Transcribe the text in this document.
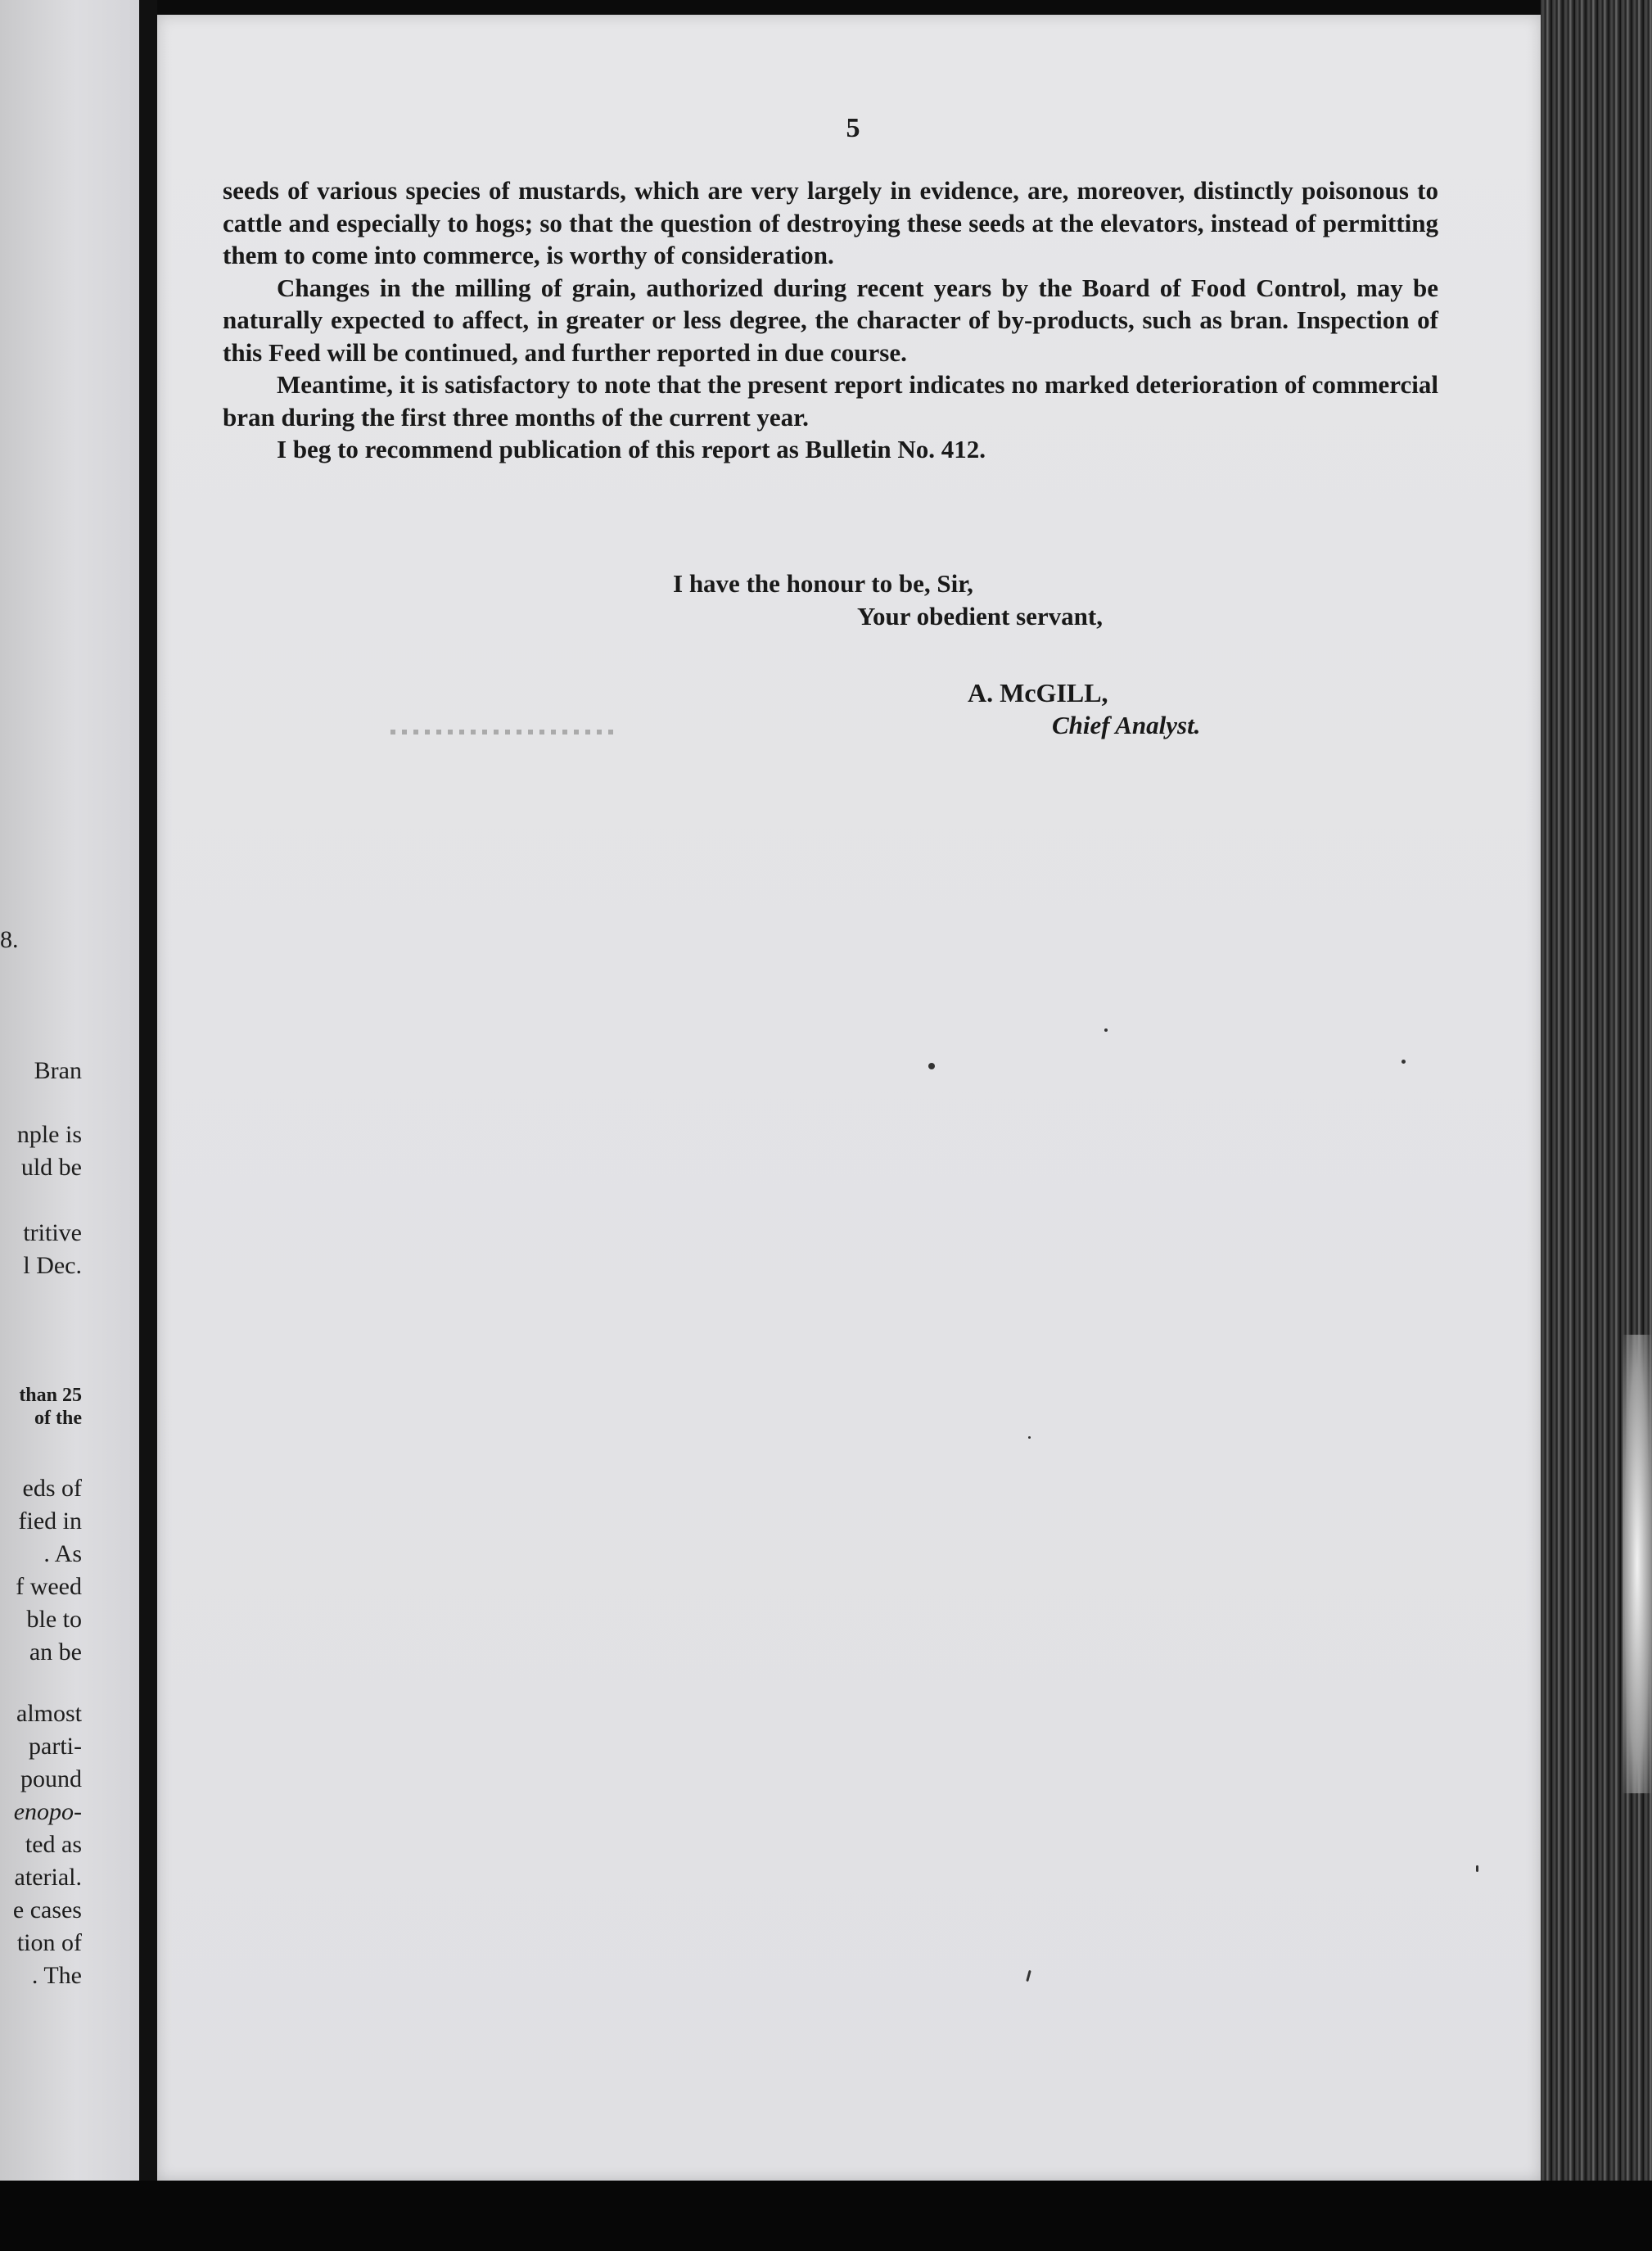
8.
Bran
nple is
uld be
tritive
l Dec.
than 25
of the
eds of
fied in
. As
f weed
ble to
an be
almost
parti-
pound
enopo-
ted as
aterial.
e cases
tion of
. The
5

seeds of various species of mustards, which are very largely in evidence, are, moreover, distinctly poisonous to cattle and especially to hogs; so that the question of destroying these seeds at the elevators, instead of permitting them to come into commerce, is worthy of consideration.

Changes in the milling of grain, authorized during recent years by the Board of Food Control, may be naturally expected to affect, in greater or less degree, the character of by-products, such as bran. Inspection of this Feed will be continued, and further reported in due course.

Meantime, it is satisfactory to note that the present report indicates no marked deterioration of commercial bran during the first three months of the current year.

I beg to recommend publication of this report as Bulletin No. 412.

I have the honour to be, Sir,
Your obedient servant,
A. McGILL,
Chief Analyst.
